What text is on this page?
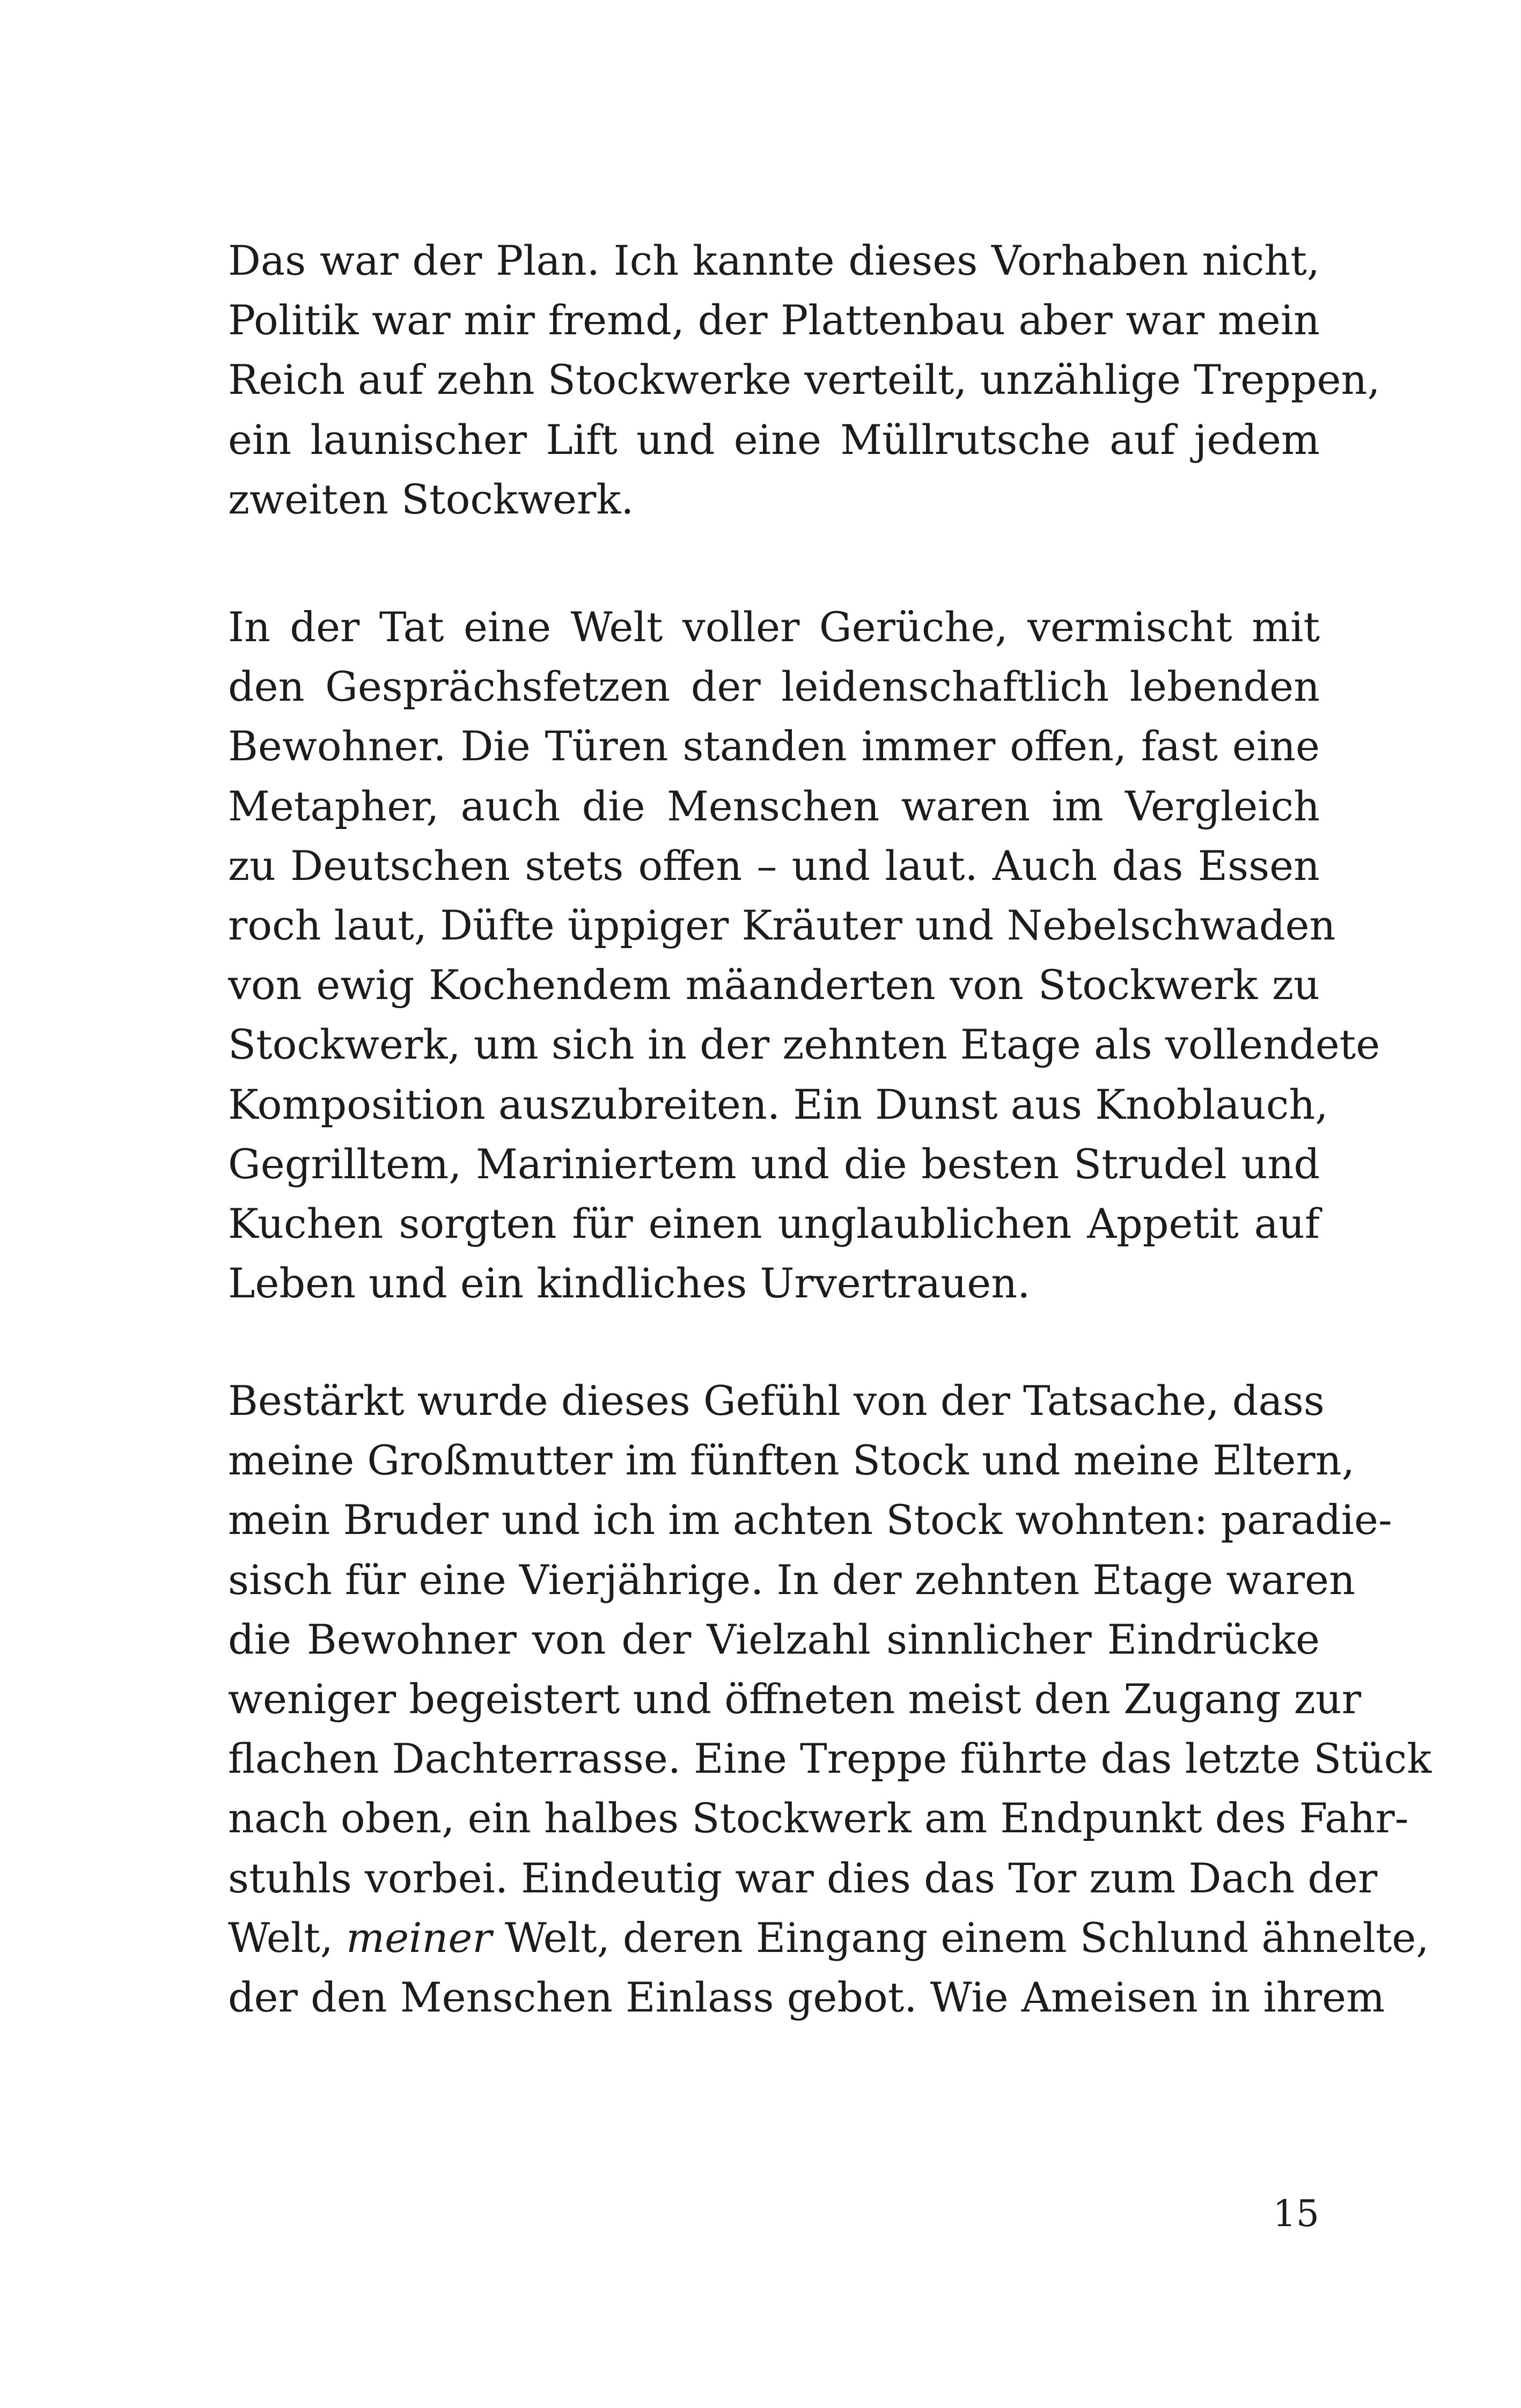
Das war der Plan. Ich kannte dieses Vorhaben nicht,
Politik war mir fremd, der Plattenbau aber war mein
Reich auf zehn Stockwerke verteilt, unzählige Treppen,
ein launischer Lift und eine Müllrutsche auf jedem
zweiten Stockwerk.

In der Tat eine Welt voller Gerüche, vermischt mit
den Gesprächsfetzen der leidenschaftlich lebenden
Bewohner. Die Türen standen immer offen, fast eine
Metapher, auch die Menschen waren im Vergleich
zu Deutschen stets offen – und laut. Auch das Essen
roch laut, Düfte üppiger Kräuter und Nebelschwaden
von ewig Kochendem mäanderten von Stockwerk zu
Stockwerk, um sich in der zehnten Etage als vollendete
Komposition auszubreiten. Ein Dunst aus Knoblauch,
Gegrilltem, Mariniertem und die besten Strudel und
Kuchen sorgten für einen unglaublichen Appetit auf
Leben und ein kindliches Urvertrauen.

Bestärkt wurde dieses Gefühl von der Tatsache, dass
meine Großmutter im fünften Stock und meine Eltern,
mein Bruder und ich im achten Stock wohnten: paradie-
sisch für eine Vierjährige. In der zehnten Etage waren
die Bewohner von der Vielzahl sinnlicher Eindrücke
weniger begeistert und öffneten meist den Zugang zur
flachen Dachterrasse. Eine Treppe führte das letzte Stück
nach oben, ein halbes Stockwerk am Endpunkt des Fahr-
stuhls vorbei. Eindeutig war dies das Tor zum Dach der
Welt, meiner Welt, deren Eingang einem Schlund ähnelte,
der den Menschen Einlass gebot. Wie Ameisen in ihrem

15
